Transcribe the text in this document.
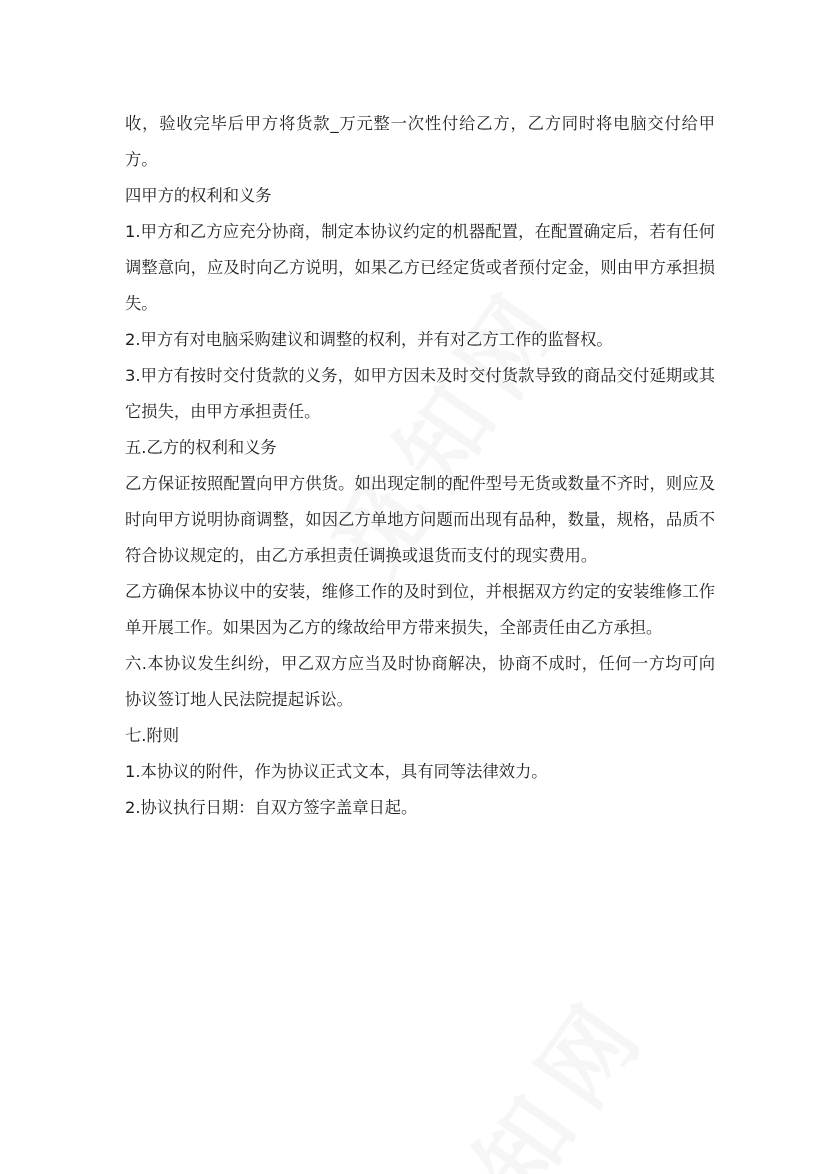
收，验收完毕后甲方将货款_万元整一次性付给乙方，乙方同时将电脑交付给甲方。

四甲方的权利和义务

1.甲方和乙方应充分协商，制定本协议约定的机器配置，在配置确定后，若有任何调整意向，应及时向乙方说明，如果乙方已经定货或者预付定金，则由甲方承担损失。

2.甲方有对电脑采购建议和调整的权利，并有对乙方工作的监督权。

3.甲方有按时交付货款的义务，如甲方因未及时交付货款导致的商品交付延期或其它损失，由甲方承担责任。

五.乙方的权利和义务

乙方保证按照配置向甲方供货。如出现定制的配件型号无货或数量不齐时，则应及时向甲方说明协商调整，如因乙方单地方问题而出现有品种，数量，规格，品质不符合协议规定的，由乙方承担责任调换或退货而支付的现实费用。

乙方确保本协议中的安装，维修工作的及时到位，并根据双方约定的安装维修工作单开展工作。如果因为乙方的缘故给甲方带来损失，全部责任由乙方承担。

六.本协议发生纠纷，甲乙双方应当及时协商解决，协商不成时，任何一方均可向协议签订地人民法院提起诉讼。

七.附则

1.本协议的附件，作为协议正式文本，具有同等法律效力。

2.协议执行日期：自双方签字盖章日起。
